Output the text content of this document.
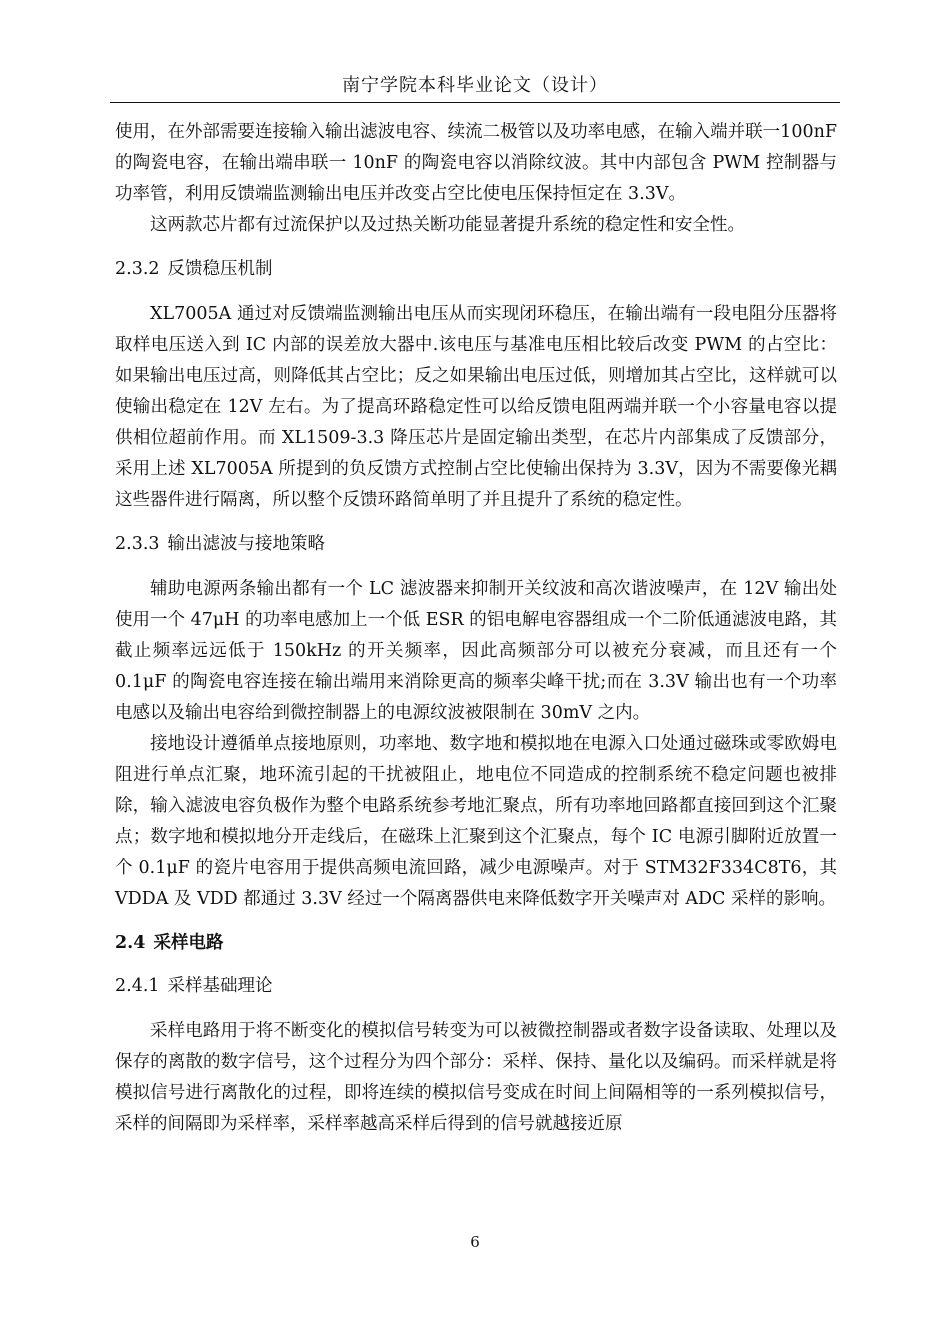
南宁学院本科毕业论文（设计）

使用，在外部需要连接输入输出滤波电容、续流二极管以及功率电感，在输入端并联一100nF 的陶瓷电容，在输出端串联一 10nF 的陶瓷电容以消除纹波。其中内部包含 PWM 控制器与功率管，利用反馈端监测输出电压并改变占空比使电压保持恒定在 3.3V。

这两款芯片都有过流保护以及过热关断功能显著提升系统的稳定性和安全性。

2.3.2 反馈稳压机制

XL7005A 通过对反馈端监测输出电压从而实现闭环稳压，在输出端有一段电阻分压器将取样电压送入到 IC 内部的误差放大器中.该电压与基准电压相比较后改变 PWM 的占空比：如果输出电压过高，则降低其占空比；反之如果输出电压过低，则增加其占空比，这样就可以使输出稳定在 12V 左右。为了提高环路稳定性可以给反馈电阻两端并联一个小容量电容以提供相位超前作用。而 XL1509-3.3 降压芯片是固定输出类型，在芯片内部集成了反馈部分，采用上述 XL7005A 所提到的负反馈方式控制占空比使输出保持为 3.3V，因为不需要像光耦这些器件进行隔离，所以整个反馈环路简单明了并且提升了系统的稳定性。

2.3.3 输出滤波与接地策略

辅助电源两条输出都有一个 LC 滤波器来抑制开关纹波和高次谐波噪声，在 12V 输出处使用一个 47μH 的功率电感加上一个低 ESR 的铝电解电容器组成一个二阶低通滤波电路，其截止频率远远低于 150kHz 的开关频率，因此高频部分可以被充分衰减，而且还有一个 0.1μF 的陶瓷电容连接在输出端用来消除更高的频率尖峰干扰;而在 3.3V 输出也有一个功率电感以及输出电容给到微控制器上的电源纹波被限制在 30mV 之内。

接地设计遵循单点接地原则，功率地、数字地和模拟地在电源入口处通过磁珠或零欧姆电阻进行单点汇聚，地环流引起的干扰被阻止，地电位不同造成的控制系统不稳定问题也被排除，输入滤波电容负极作为整个电路系统参考地汇聚点，所有功率地回路都直接回到这个汇聚点；数字地和模拟地分开走线后，在磁珠上汇聚到这个汇聚点，每个 IC 电源引脚附近放置一个 0.1μF 的瓷片电容用于提供高频电流回路，减少电源噪声。对于 STM32F334C8T6，其 VDDA 及 VDD 都通过 3.3V 经过一个隔离器供电来降低数字开关噪声对 ADC 采样的影响。

2.4 采样电路
2.4.1 采样基础理论

采样电路用于将不断变化的模拟信号转变为可以被微控制器或者数字设备读取、处理以及保存的离散的数字信号，这个过程分为四个部分：采样、保持、量化以及编码。而采样就是将模拟信号进行离散化的过程，即将连续的模拟信号变成在时间上间隔相等的一系列模拟信号，采样的间隔即为采样率，采样率越高采样后得到的信号就越接近原

6
